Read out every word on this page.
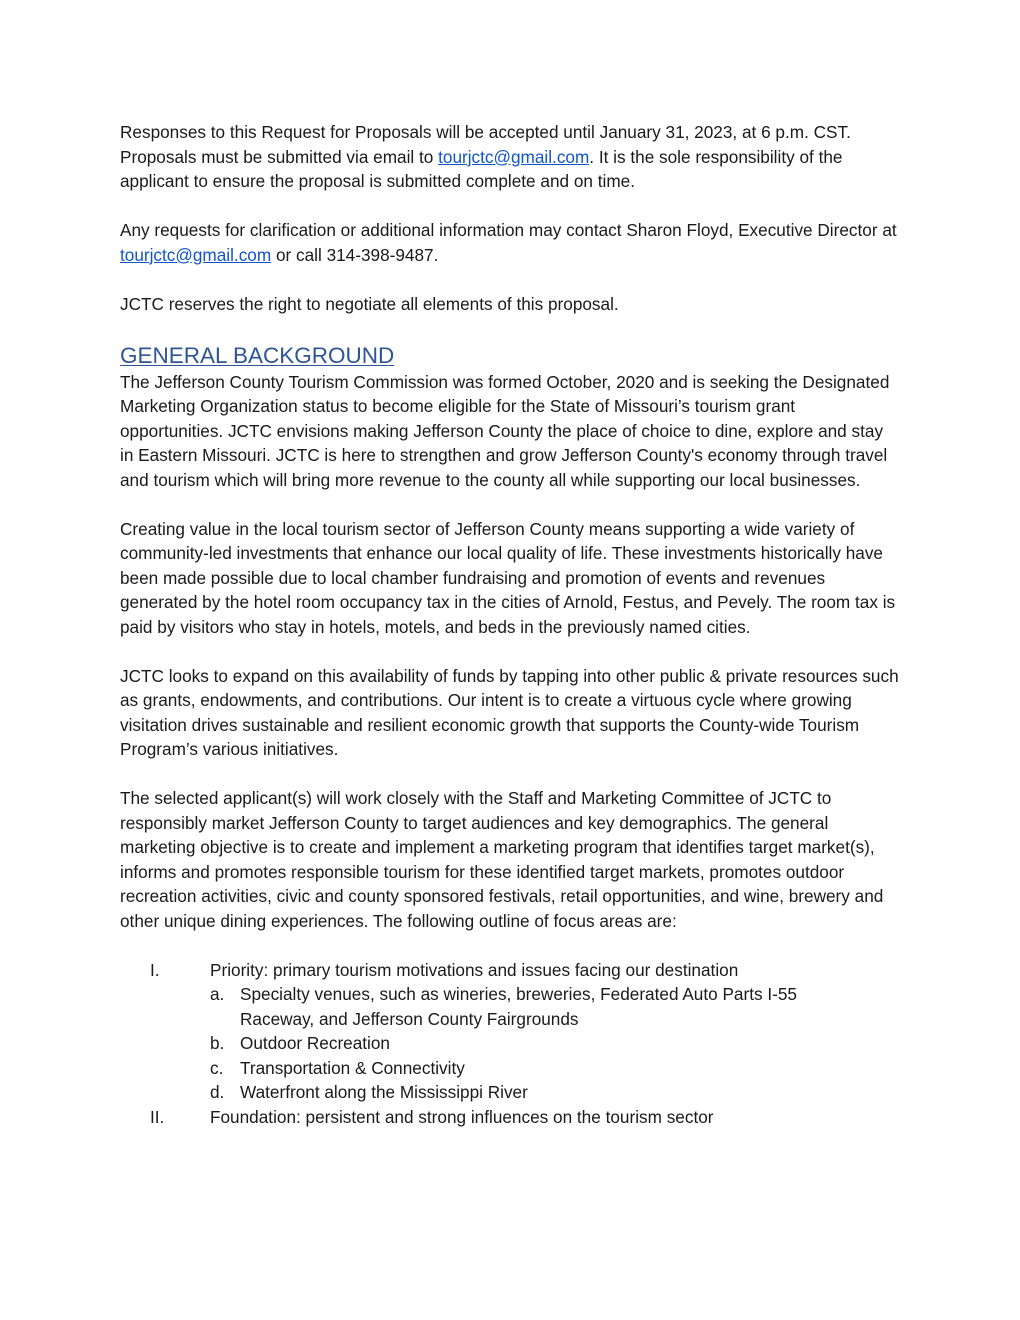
Responses to this Request for Proposals will be accepted until January 31, 2023, at 6 p.m. CST. Proposals must be submitted via email to tourjctc@gmail.com. It is the sole responsibility of the applicant to ensure the proposal is submitted complete and on time.

Any requests for clarification or additional information may contact Sharon Floyd, Executive Director at tourjctc@gmail.com or call 314-398-9487.

JCTC reserves the right to negotiate all elements of this proposal.

GENERAL BACKGROUND

The Jefferson County Tourism Commission was formed October, 2020 and is seeking the Designated Marketing Organization status to become eligible for the State of Missouri’s tourism grant opportunities. JCTC envisions making Jefferson County the place of choice to dine, explore and stay in Eastern Missouri. JCTC is here to strengthen and grow Jefferson County's economy through travel and tourism which will bring more revenue to the county all while supporting our local businesses.

Creating value in the local tourism sector of Jefferson County means supporting a wide variety of community-led investments that enhance our local quality of life. These investments historically have been made possible due to local chamber fundraising and promotion of events and revenues generated by the hotel room occupancy tax in the cities of Arnold, Festus, and Pevely. The room tax is paid by visitors who stay in hotels, motels, and beds in the previously named cities.

JCTC looks to expand on this availability of funds by tapping into other public & private resources such as grants, endowments, and contributions. Our intent is to create a virtuous cycle where growing visitation drives sustainable and resilient economic growth that supports the County-wide Tourism Program’s various initiatives.

The selected applicant(s) will work closely with the Staff and Marketing Committee of JCTC to responsibly market Jefferson County to target audiences and key demographics. The general marketing objective is to create and implement a marketing program that identifies target market(s), informs and promotes responsible tourism for these identified target markets, promotes outdoor recreation activities, civic and county sponsored festivals, retail opportunities, and wine, brewery and other unique dining experiences. The following outline of focus areas are:

I.	Priority: primary tourism motivations and issues facing our destination
a. Specialty venues, such as wineries, breweries, Federated Auto Parts I-55 Raceway, and Jefferson County Fairgrounds
b. Outdoor Recreation
c. Transportation & Connectivity
d. Waterfront along the Mississippi River
II.	Foundation: persistent and strong influences on the tourism sector
